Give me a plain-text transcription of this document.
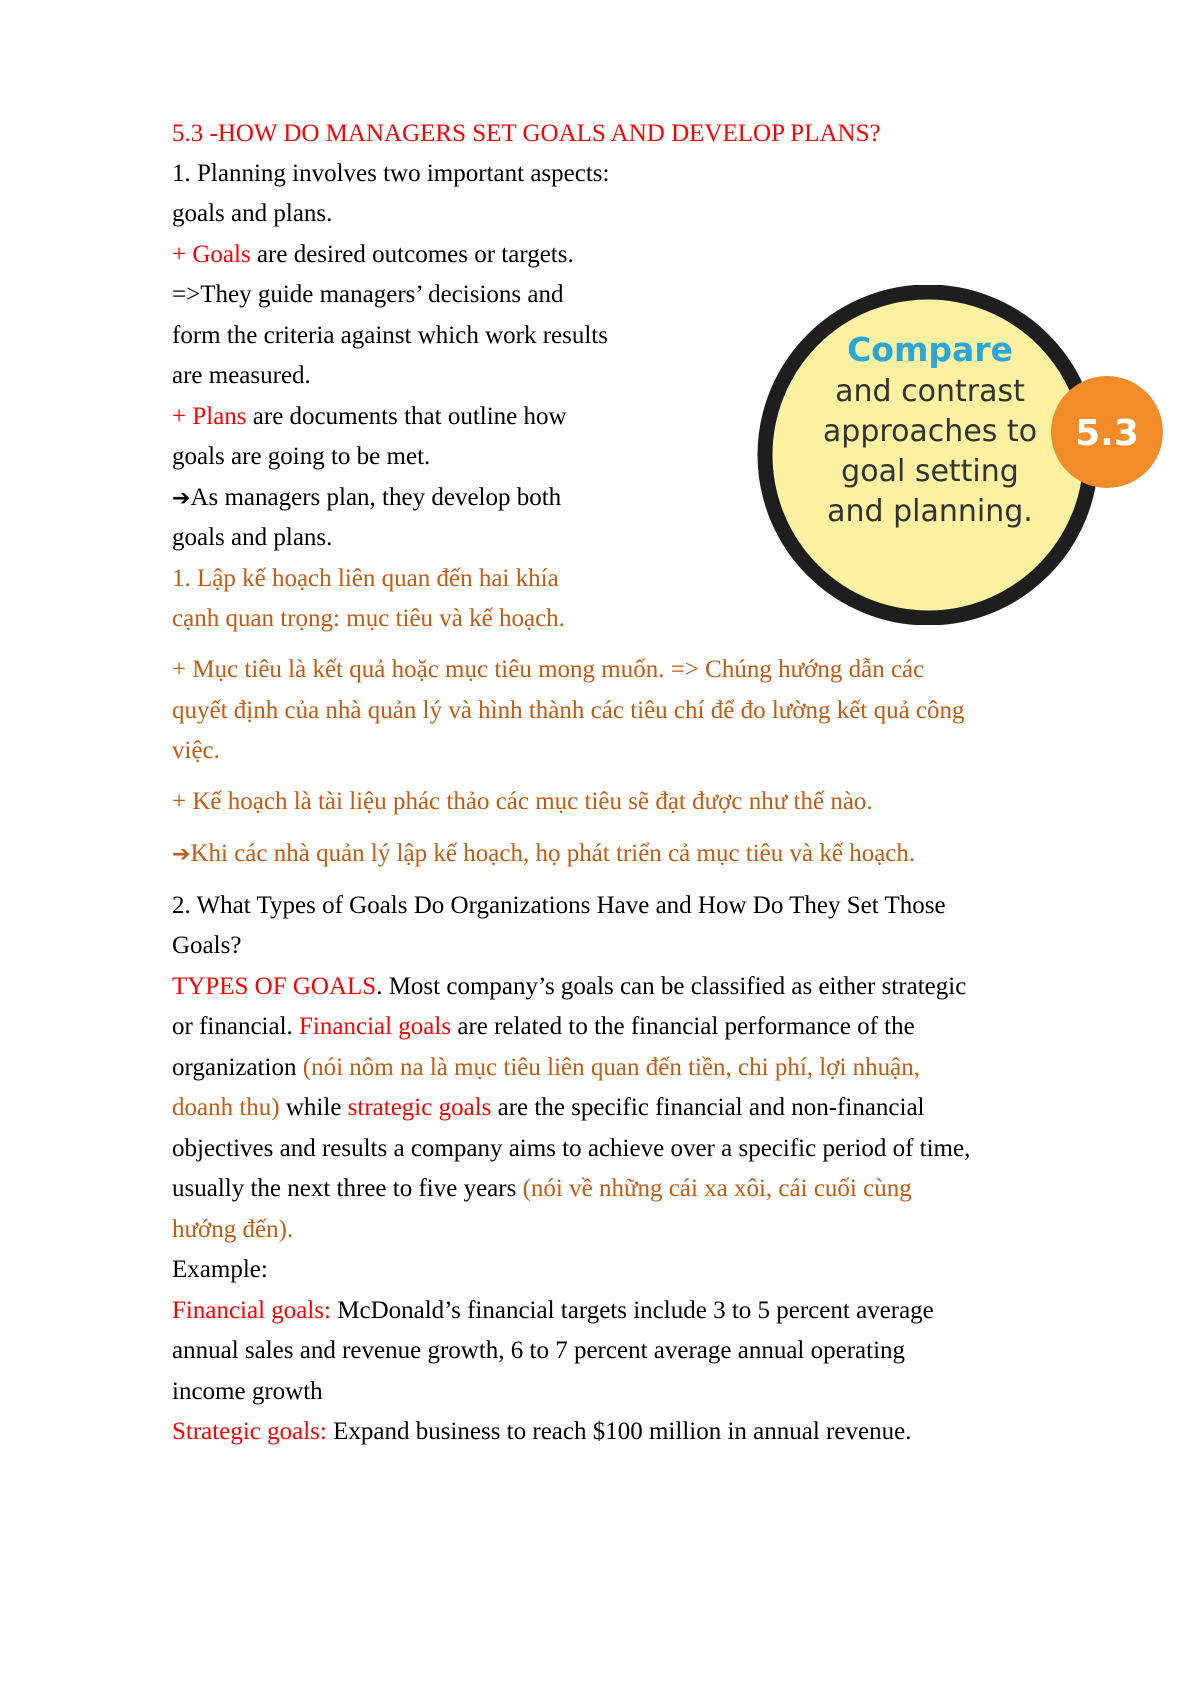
5.3 -HOW DO MANAGERS SET GOALS AND DEVELOP PLANS?
1. Planning involves two important aspects:
goals and plans.
+ Goals are desired outcomes or targets.
=>They guide managers’ decisions and
form the criteria against which work results
are measured.
+ Plans are documents that outline how
goals are going to be met.
➔As managers plan, they develop both
goals and plans.
1. Lập kế hoạch liên quan đến hai khía
cạnh quan trọng: mục tiêu và kế hoạch.
+ Mục tiêu là kết quả hoặc mục tiêu mong muốn. => Chúng hướng dẫn các
quyết định của nhà quản lý và hình thành các tiêu chí để đo lường kết quả công
việc.
+ Kế hoạch là tài liệu phác thảo các mục tiêu sẽ đạt được như thế nào.
➔Khi các nhà quản lý lập kế hoạch, họ phát triển cả mục tiêu và kế hoạch.
2. What Types of Goals Do Organizations Have and How Do They Set Those
Goals?
TYPES OF GOALS. Most company’s goals can be classified as either strategic
or financial. Financial goals are related to the financial performance of the
organization (nói nôm na là mục tiêu liên quan đến tiền, chi phí, lợi nhuận,
doanh thu) while strategic goals are the specific financial and non-financial
objectives and results a company aims to achieve over a specific period of time,
usually the next three to five years (nói về những cái xa xôi, cái cuối cùng
hướng đến).
Example:
Financial goals: McDonald’s financial targets include 3 to 5 percent average
annual sales and revenue growth, 6 to 7 percent average annual operating
income growth
Strategic goals: Expand business to reach $100 million in annual revenue.
Compare
and contrast
approaches to
goal setting
and planning.
5.3
